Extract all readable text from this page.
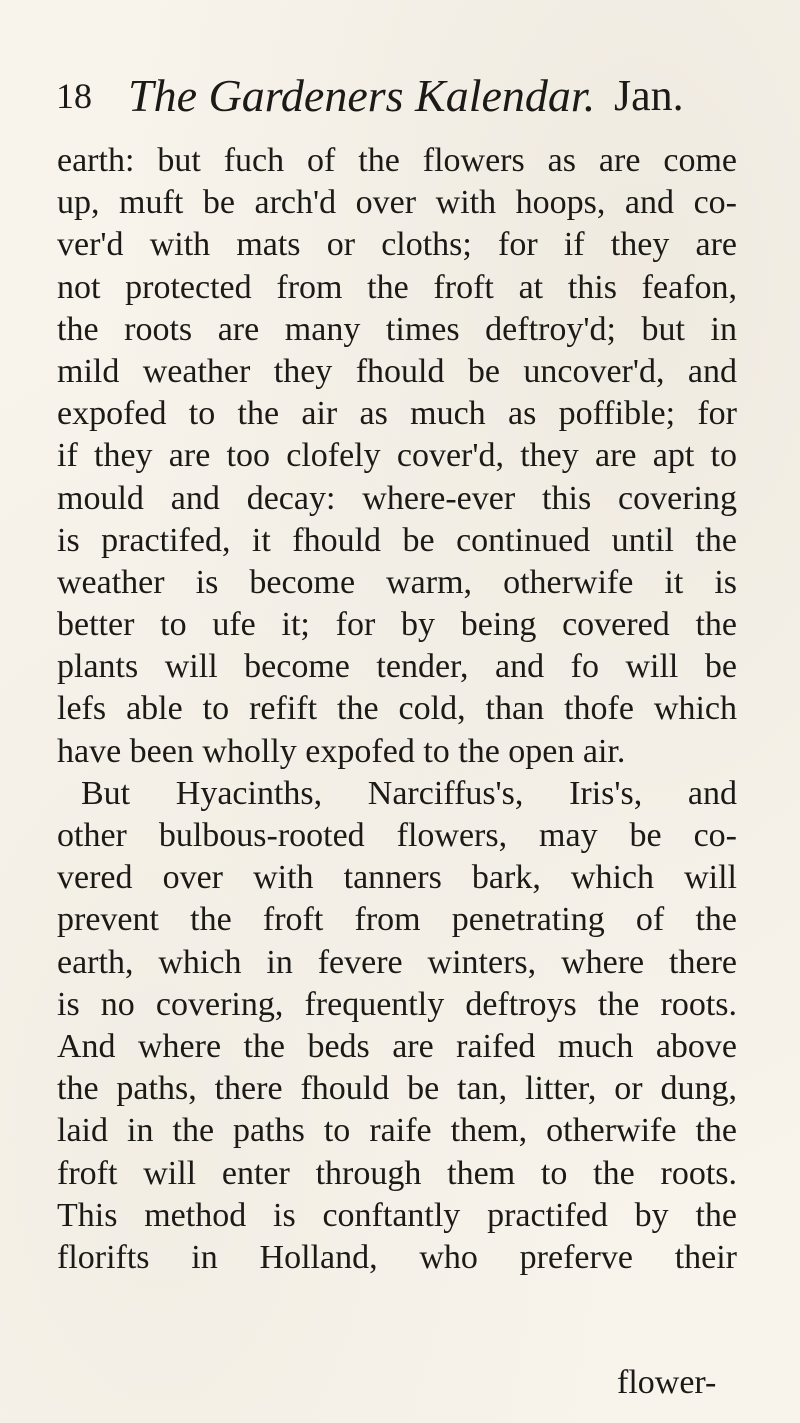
18 The Gardeners Kalendar. Jan.
earth: but fuch of the flowers as are come
up, muft be arch'd over with hoops, and co-
ver'd with mats or cloths; for if they are
not protected from the froft at this feafon,
the roots are many times deftroy'd; but in
mild weather they fhould be uncover'd, and
expofed to the air as much as poffible; for
if they are too clofely cover'd, they are apt to
mould and decay: where-ever this covering
is practifed, it fhould be continued until the
weather is become warm, otherwife it is
better to ufe it; for by being covered the
plants will become tender, and fo will be
lefs able to refift the cold, than thofe which
have been wholly expofed to the open air.
But Hyacinths, Narciffus's, Iris's, and
other bulbous-rooted flowers, may be co-
vered over with tanners bark, which will
prevent the froft from penetrating of the
earth, which in fevere winters, where there
is no covering, frequently deftroys the roots.
And where the beds are raifed much above
the paths, there fhould be tan, litter, or dung,
laid in the paths to raife them, otherwife the
froft will enter through them to the roots.
This method is conftantly practifed by the
florifts in Holland, who preferve their
flower-
